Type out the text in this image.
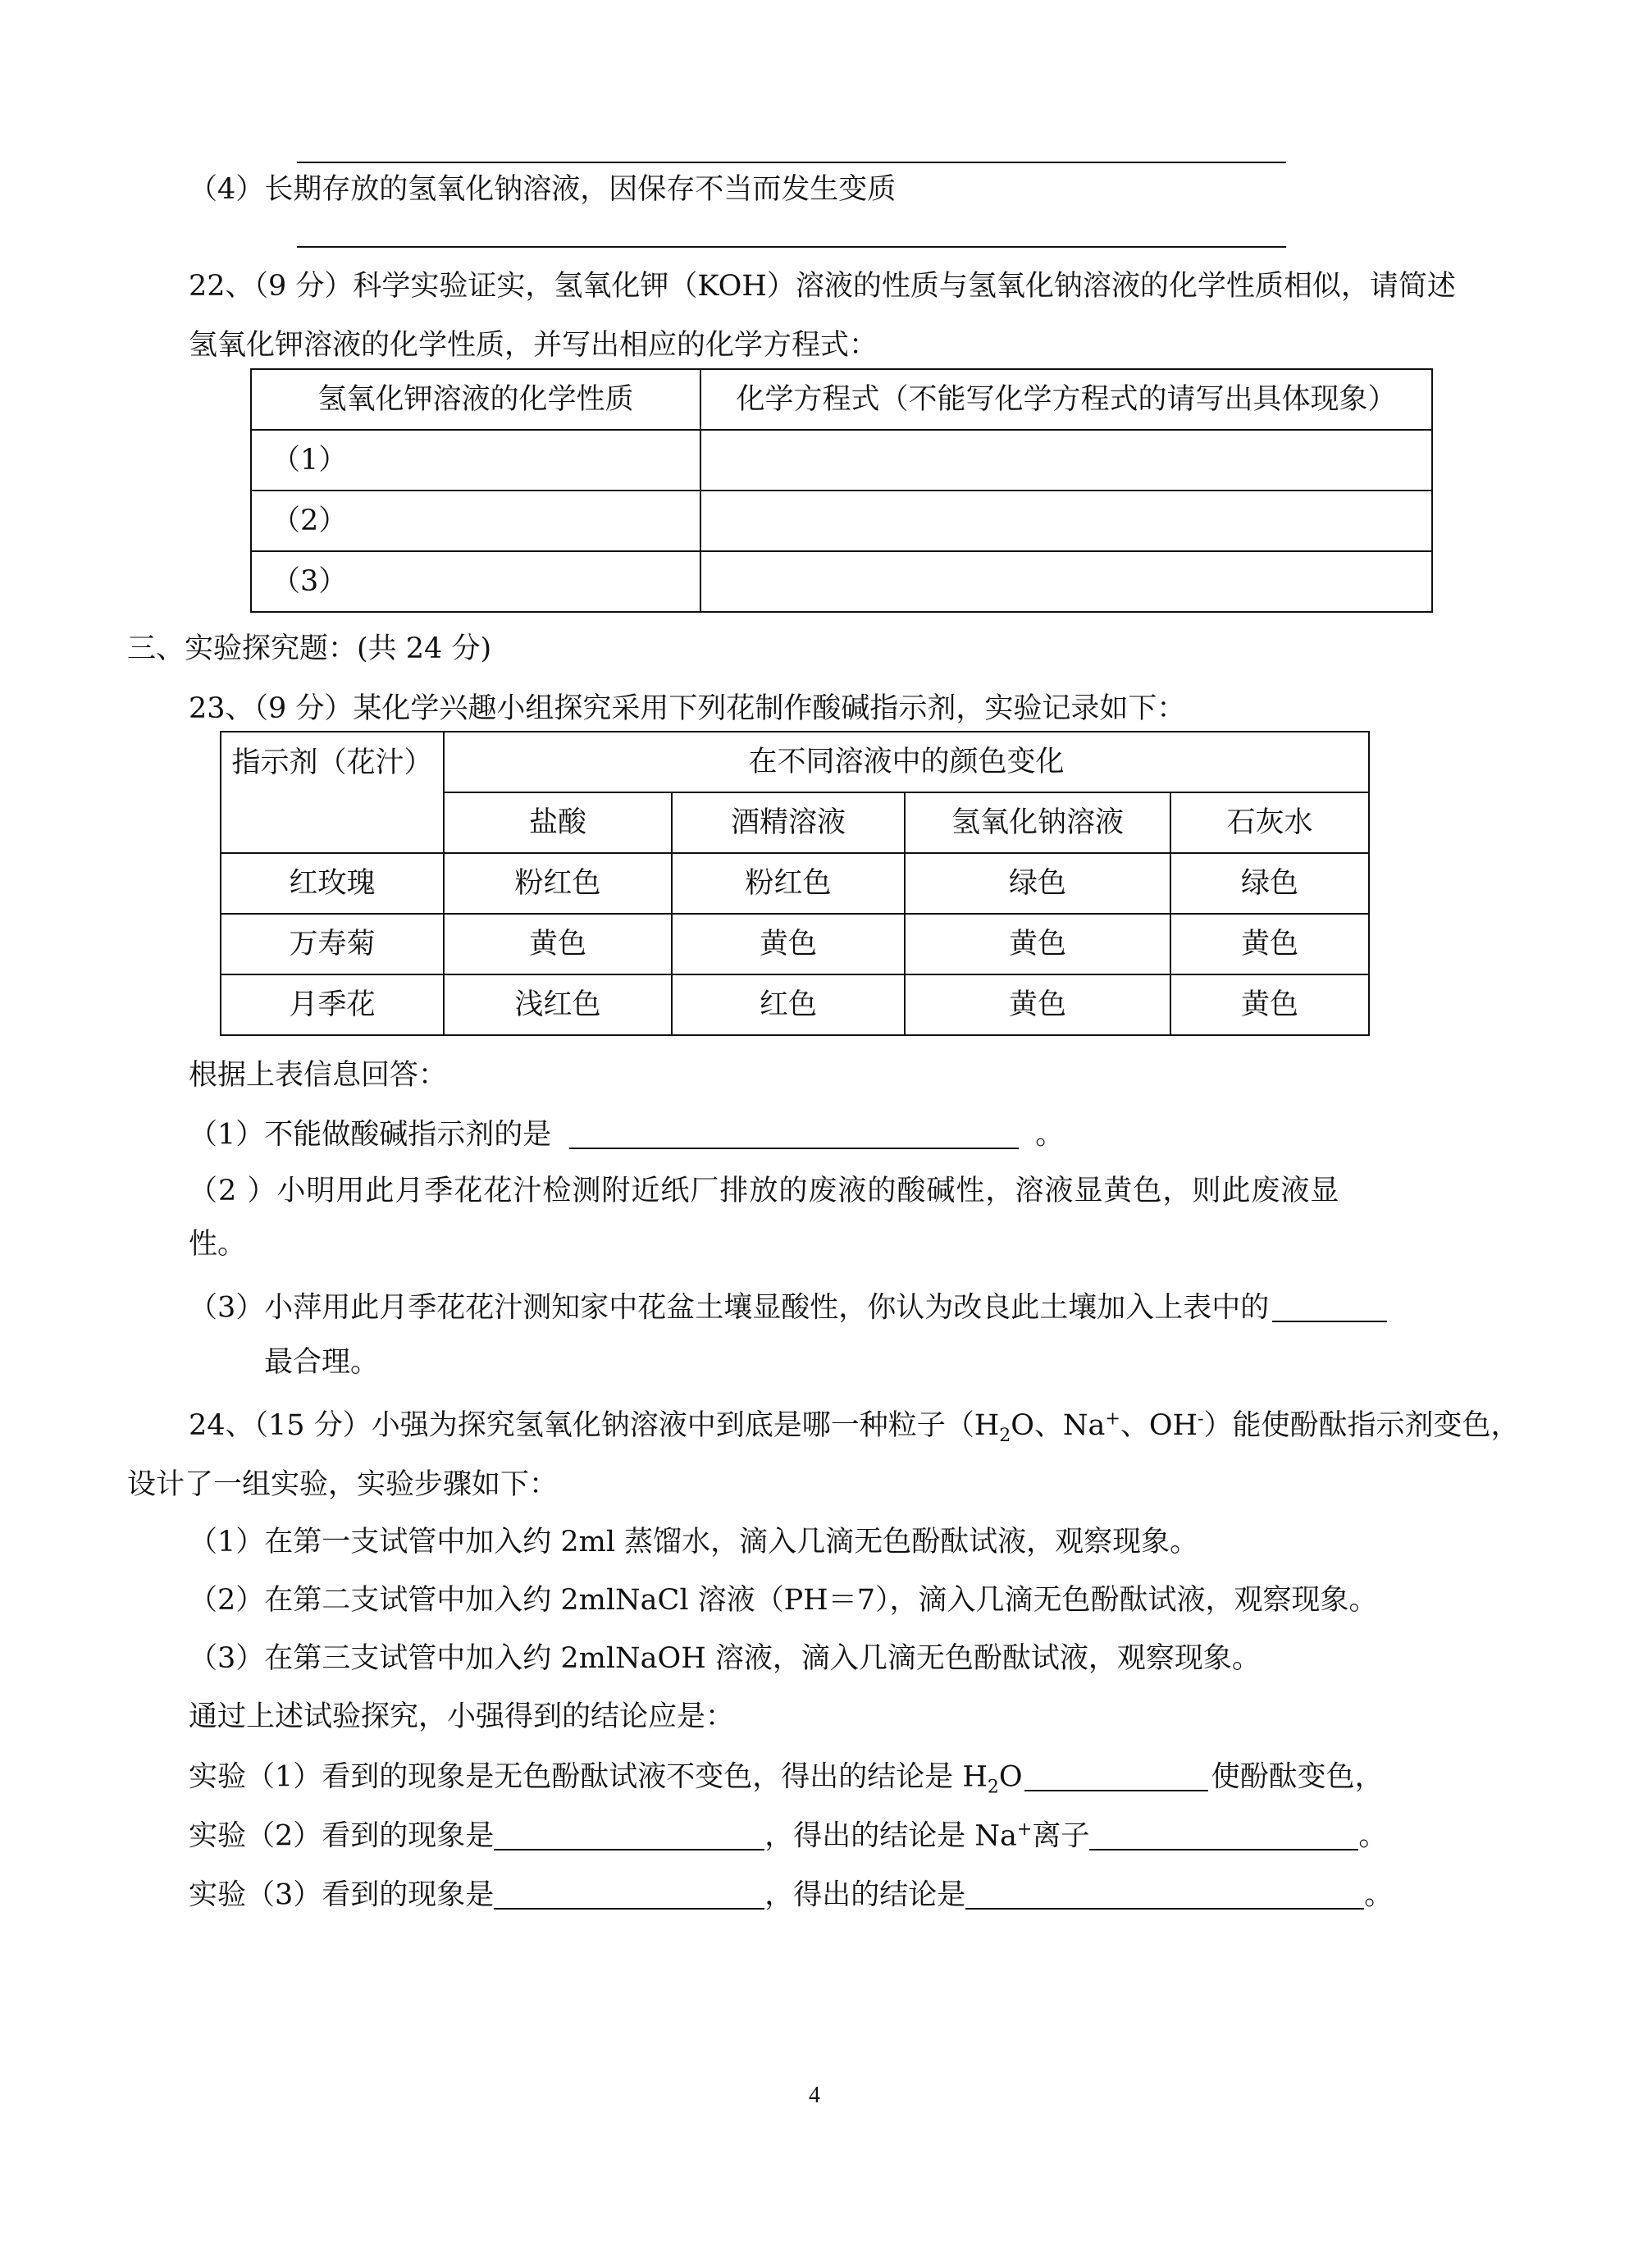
（4）长期存放的氢氧化钠溶液，因保存不当而发生变质
22、（9 分）科学实验证实，氢氧化钾（KOH）溶液的性质与氢氧化钠溶液的化学性质相似，请简述
氢氧化钾溶液的化学性质，并写出相应的化学方程式：
氢氧化钾溶液的化学性质	化学方程式（不能写化学方程式的请写出具体现象）
（1）	
（2）	
（3）	
三、实验探究题：(共 24 分)
23、（9 分）某化学兴趣小组探究采用下列花制作酸碱指示剂，实验记录如下：
指示剂（花汁）	在不同溶液中的颜色变化			
	盐酸	酒精溶液	氢氧化钠溶液	石灰水
红玫瑰	粉红色	粉红色	绿色	绿色
万寿菊	黄色	黄色	黄色	黄色
月季花	浅红色	红色	黄色	黄色
根据上表信息回答：
（1）不能做酸碱指示剂的是	。
（2 ）小明用此月季花花汁检测附近纸厂排放的废液的酸碱性，溶液显黄色，则此废液显
性。
（3）小萍用此月季花花汁测知家中花盆土壤显酸性，你认为改良此土壤加入上表中的
最合理。
24、（15 分）小强为探究氢氧化钠溶液中到底是哪一种粒子（$H_2O$、Na+、OH-）能使酚酞指示剂变色，
设计了一组实验，实验步骤如下：
（1）在第一支试管中加入约 2ml 蒸馏水，滴入几滴无色酚酞试液，观察现象。
（2）在第二支试管中加入约 2mlNaCl 溶液（PH＝7），滴入几滴无色酚酞试液，观察现象。
（3）在第三支试管中加入约 2mlNaOH 溶液，滴入几滴无色酚酞试液，观察现象。
通过上述试验探究，小强得到的结论应是：
实验（1）看到的现象是无色酚酞试液不变色，得出的结论是 $H_2O$	使酚酞变色，
实验（2）看到的现象是	，得出的结论是 Na+离子	。
实验（3）看到的现象是	，得出的结论是	。
4
